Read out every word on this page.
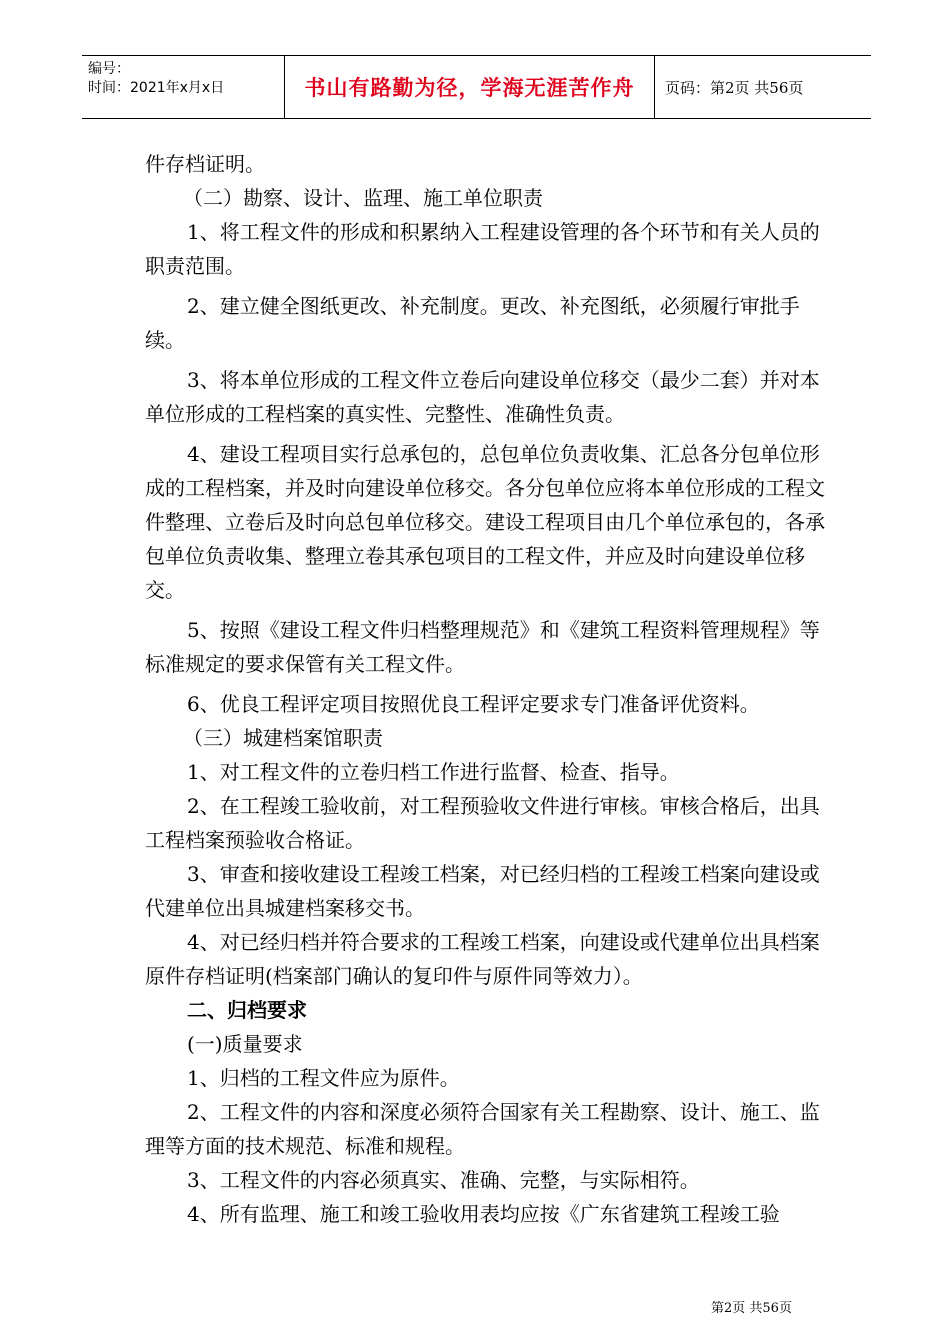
编号：
时间：2021年x月x日	书山有路勤为径，学海无涯苦作舟	页码：第2页 共56页

件存档证明。

（二）勘察、设计、监理、施工单位职责

1、将工程文件的形成和积累纳入工程建设管理的各个环节和有关人员的职责范围。

2、建立健全图纸更改、补充制度。更改、补充图纸，必须履行审批手续。

3、将本单位形成的工程文件立卷后向建设单位移交（最少二套）并对本单位形成的工程档案的真实性、完整性、准确性负责。

4、建设工程项目实行总承包的，总包单位负责收集、汇总各分包单位形成的工程档案，并及时向建设单位移交。各分包单位应将本单位形成的工程文件整理、立卷后及时向总包单位移交。建设工程项目由几个单位承包的，各承包单位负责收集、整理立卷其承包项目的工程文件，并应及时向建设单位移交。

5、按照《建设工程文件归档整理规范》和《建筑工程资料管理规程》等标准规定的要求保管有关工程文件。

6、优良工程评定项目按照优良工程评定要求专门准备评优资料。

（三）城建档案馆职责

1、对工程文件的立卷归档工作进行监督、检查、指导。

2、在工程竣工验收前，对工程预验收文件进行审核。审核合格后，出具工程档案预验收合格证。

3、审查和接收建设工程竣工档案，对已经归档的工程竣工档案向建设或代建单位出具城建档案移交书。

4、对已经归档并符合要求的工程竣工档案，向建设或代建单位出具档案原件存档证明(档案部门确认的复印件与原件同等效力）。

二、归档要求

(一)质量要求

1、归档的工程文件应为原件。

2、工程文件的内容和深度必须符合国家有关工程勘察、设计、施工、监理等方面的技术规范、标准和规程。

3、工程文件的内容必须真实、准确、完整，与实际相符。

4、所有监理、施工和竣工验收用表均应按《广东省建筑工程竣工验

第2页 共56页
